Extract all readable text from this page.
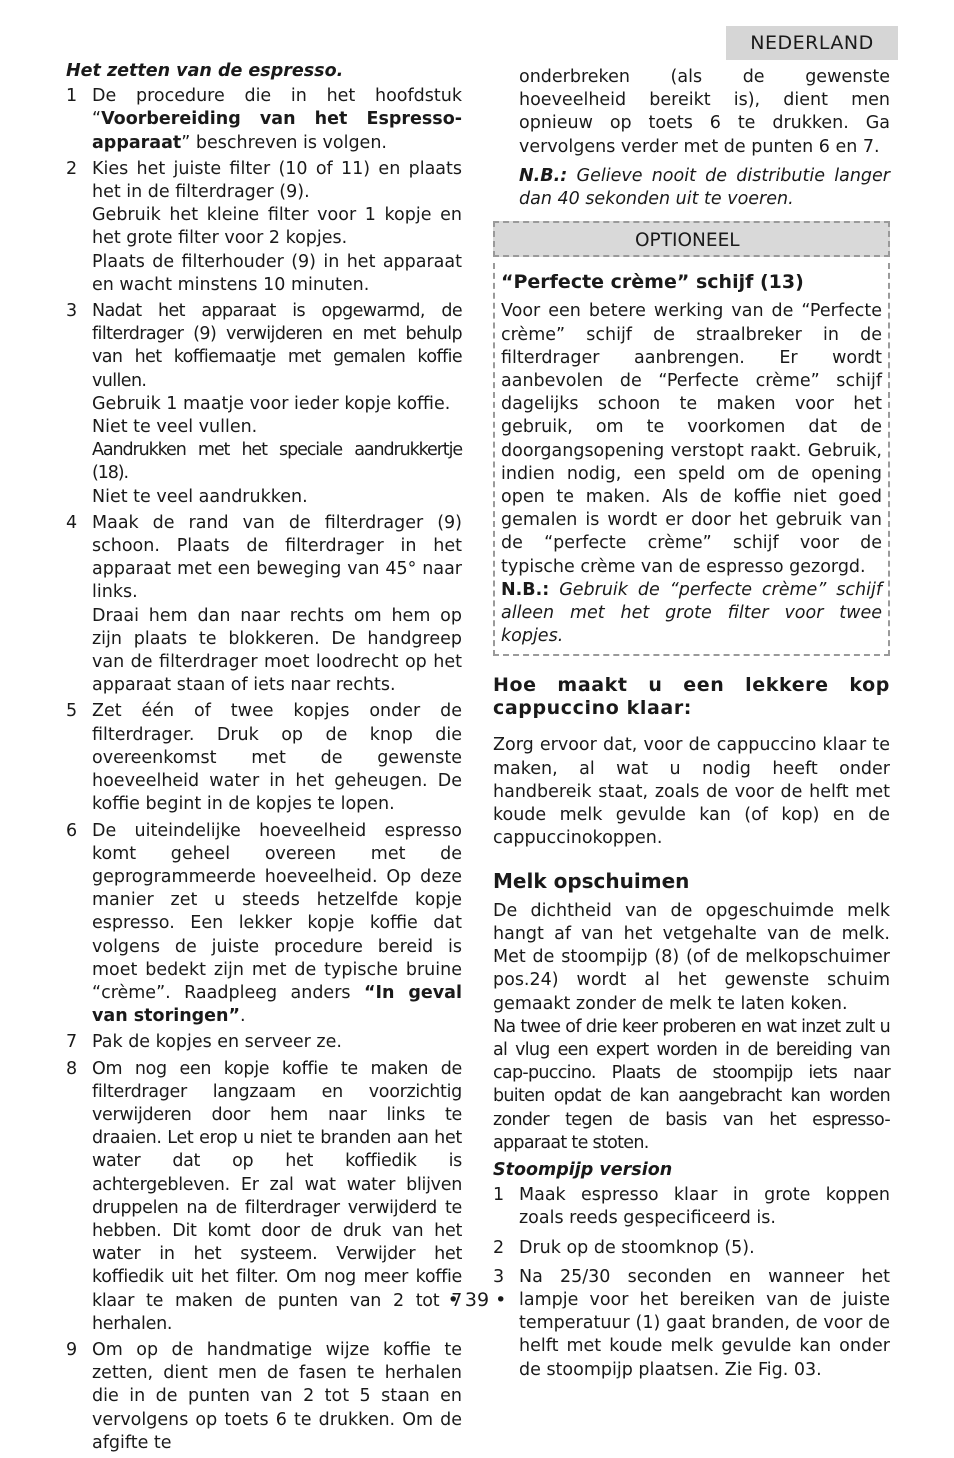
NEDERLAND

Het zetten van de espresso.

1 De procedure die in het hoofdstuk “Voorbereiding van het Espresso-apparaat” beschreven is volgen.
2 Kies het juiste filter (10 of 11) en plaats het in de filterdrager (9).

Gebruik het kleine filter voor 1 kopje en het grote filter voor 2 kopjes.

Plaats de filterhouder (9) in het apparaat en wacht minstens 10 minuten.

3 Nadat het apparaat is opgewarmd, de filterdrager (9) verwijderen en met behulp van het koffiemaatje met gemalen koffie vullen.

Gebruik 1 maatje voor ieder kopje koffie.

Niet te veel vullen.

Aandrukken met het speciale aandrukkertje (18).

Niet te veel aandrukken.

4 Maak de rand van de filterdrager (9) schoon. Plaats de filterdrager in het apparaat met een beweging van 45° naar links.

Draai hem dan naar rechts om hem op zijn plaats te blokkeren. De handgreep van de filterdrager moet loodrecht op het apparaat staan of iets naar rechts.

5 Zet één of twee kopjes onder de filterdrager. Druk op de knop die overeenkomst met de gewenste hoeveelheid water in het geheugen. De koffie begint in de kopjes te lopen.
6 De uiteindelijke hoeveelheid espresso komt geheel overeen met de geprogrammeerde hoeveelheid. Op deze manier zet u steeds hetzelfde kopje espresso. Een lekker kopje koffie dat volgens de juiste procedure bereid is moet bedekt zijn met de typische bruine “crème”. Raadpleeg anders “In geval van storingen”.
7 Pak de kopjes en serveer ze.
8 Om nog een kopje koffie te maken de filterdrager langzaam en voorzichtig verwijderen door hem naar links te draaien. Let erop u niet te branden aan het water dat op het koffiedik is achtergebleven. Er zal wat water blijven druppelen na de filterdrager verwijderd te hebben. Dit komt door de druk van het water in het systeem. Verwijder het koffiedik uit het filter. Om nog meer koffie klaar te maken de punten van 2 tot 7 herhalen.
9 Om op de handmatige wijze koffie te zetten, dient men de fasen te herhalen die in de punten van 2 tot 5 staan en vervolgens op toets 6 te drukken. Om de afgifte te

onderbreken (als de gewenste hoeveelheid bereikt is), dient men opnieuw op toets 6 te drukken. Ga vervolgens verder met de punten 6 en 7.

N.B.: Gelieve nooit de distributie langer dan 40 sekonden uit te voeren.

OPTIONEEL

“Perfecte crème” schijf (13)

Voor een betere werking van de “Perfecte crème” schijf de straalbreker in de filterdrager aanbrengen. Er wordt aanbevolen de “Perfecte crème” schijf dagelijks schoon te maken voor het gebruik, om te voorkomen dat de doorgangsopening verstopt raakt. Gebruik, indien nodig, een speld om de opening open te maken. Als de koffie niet goed gemalen is wordt er door het gebruik van de “perfecte crème” schijf voor de typische crème van de espresso gezorgd.

N.B.: Gebruik de “perfecte crème” schijf alleen met het grote filter voor twee kopjes.

Hoe maakt u een lekkere kop cappuccino klaar:

Zorg ervoor dat, voor de cappuccino klaar te maken, al wat u nodig heeft onder handbereik staat, zoals de voor de helft met koude melk gevulde kan (of kop) en de cappuccinokoppen.

Melk opschuimen

De dichtheid van de opgeschuimde melk hangt af van het vetgehalte van de melk. Met de stoompijp (8) (of de melkopschuimer pos.24) wordt al het gewenste schuim gemaakt zonder de melk te laten koken.

Na twee of drie keer proberen en wat inzet zult u al vlug een expert worden in de bereiding van cap-puccino. Plaats de stoompijp iets naar buiten opdat de kan aangebracht kan worden zonder tegen de basis van het espresso-apparaat te stoten.

Stoompijp version

1 Maak espresso klaar in grote koppen zoals reeds gespecificeerd is.
2 Druk op de stoomknop (5).
3 Na 25/30 seconden en wanneer het lampje voor het bereiken van de juiste temperatuur (1) gaat branden, de voor de helft met koude melk gevulde kan onder de stoompijp plaatsen. Zie Fig. 03.
• 39 •
